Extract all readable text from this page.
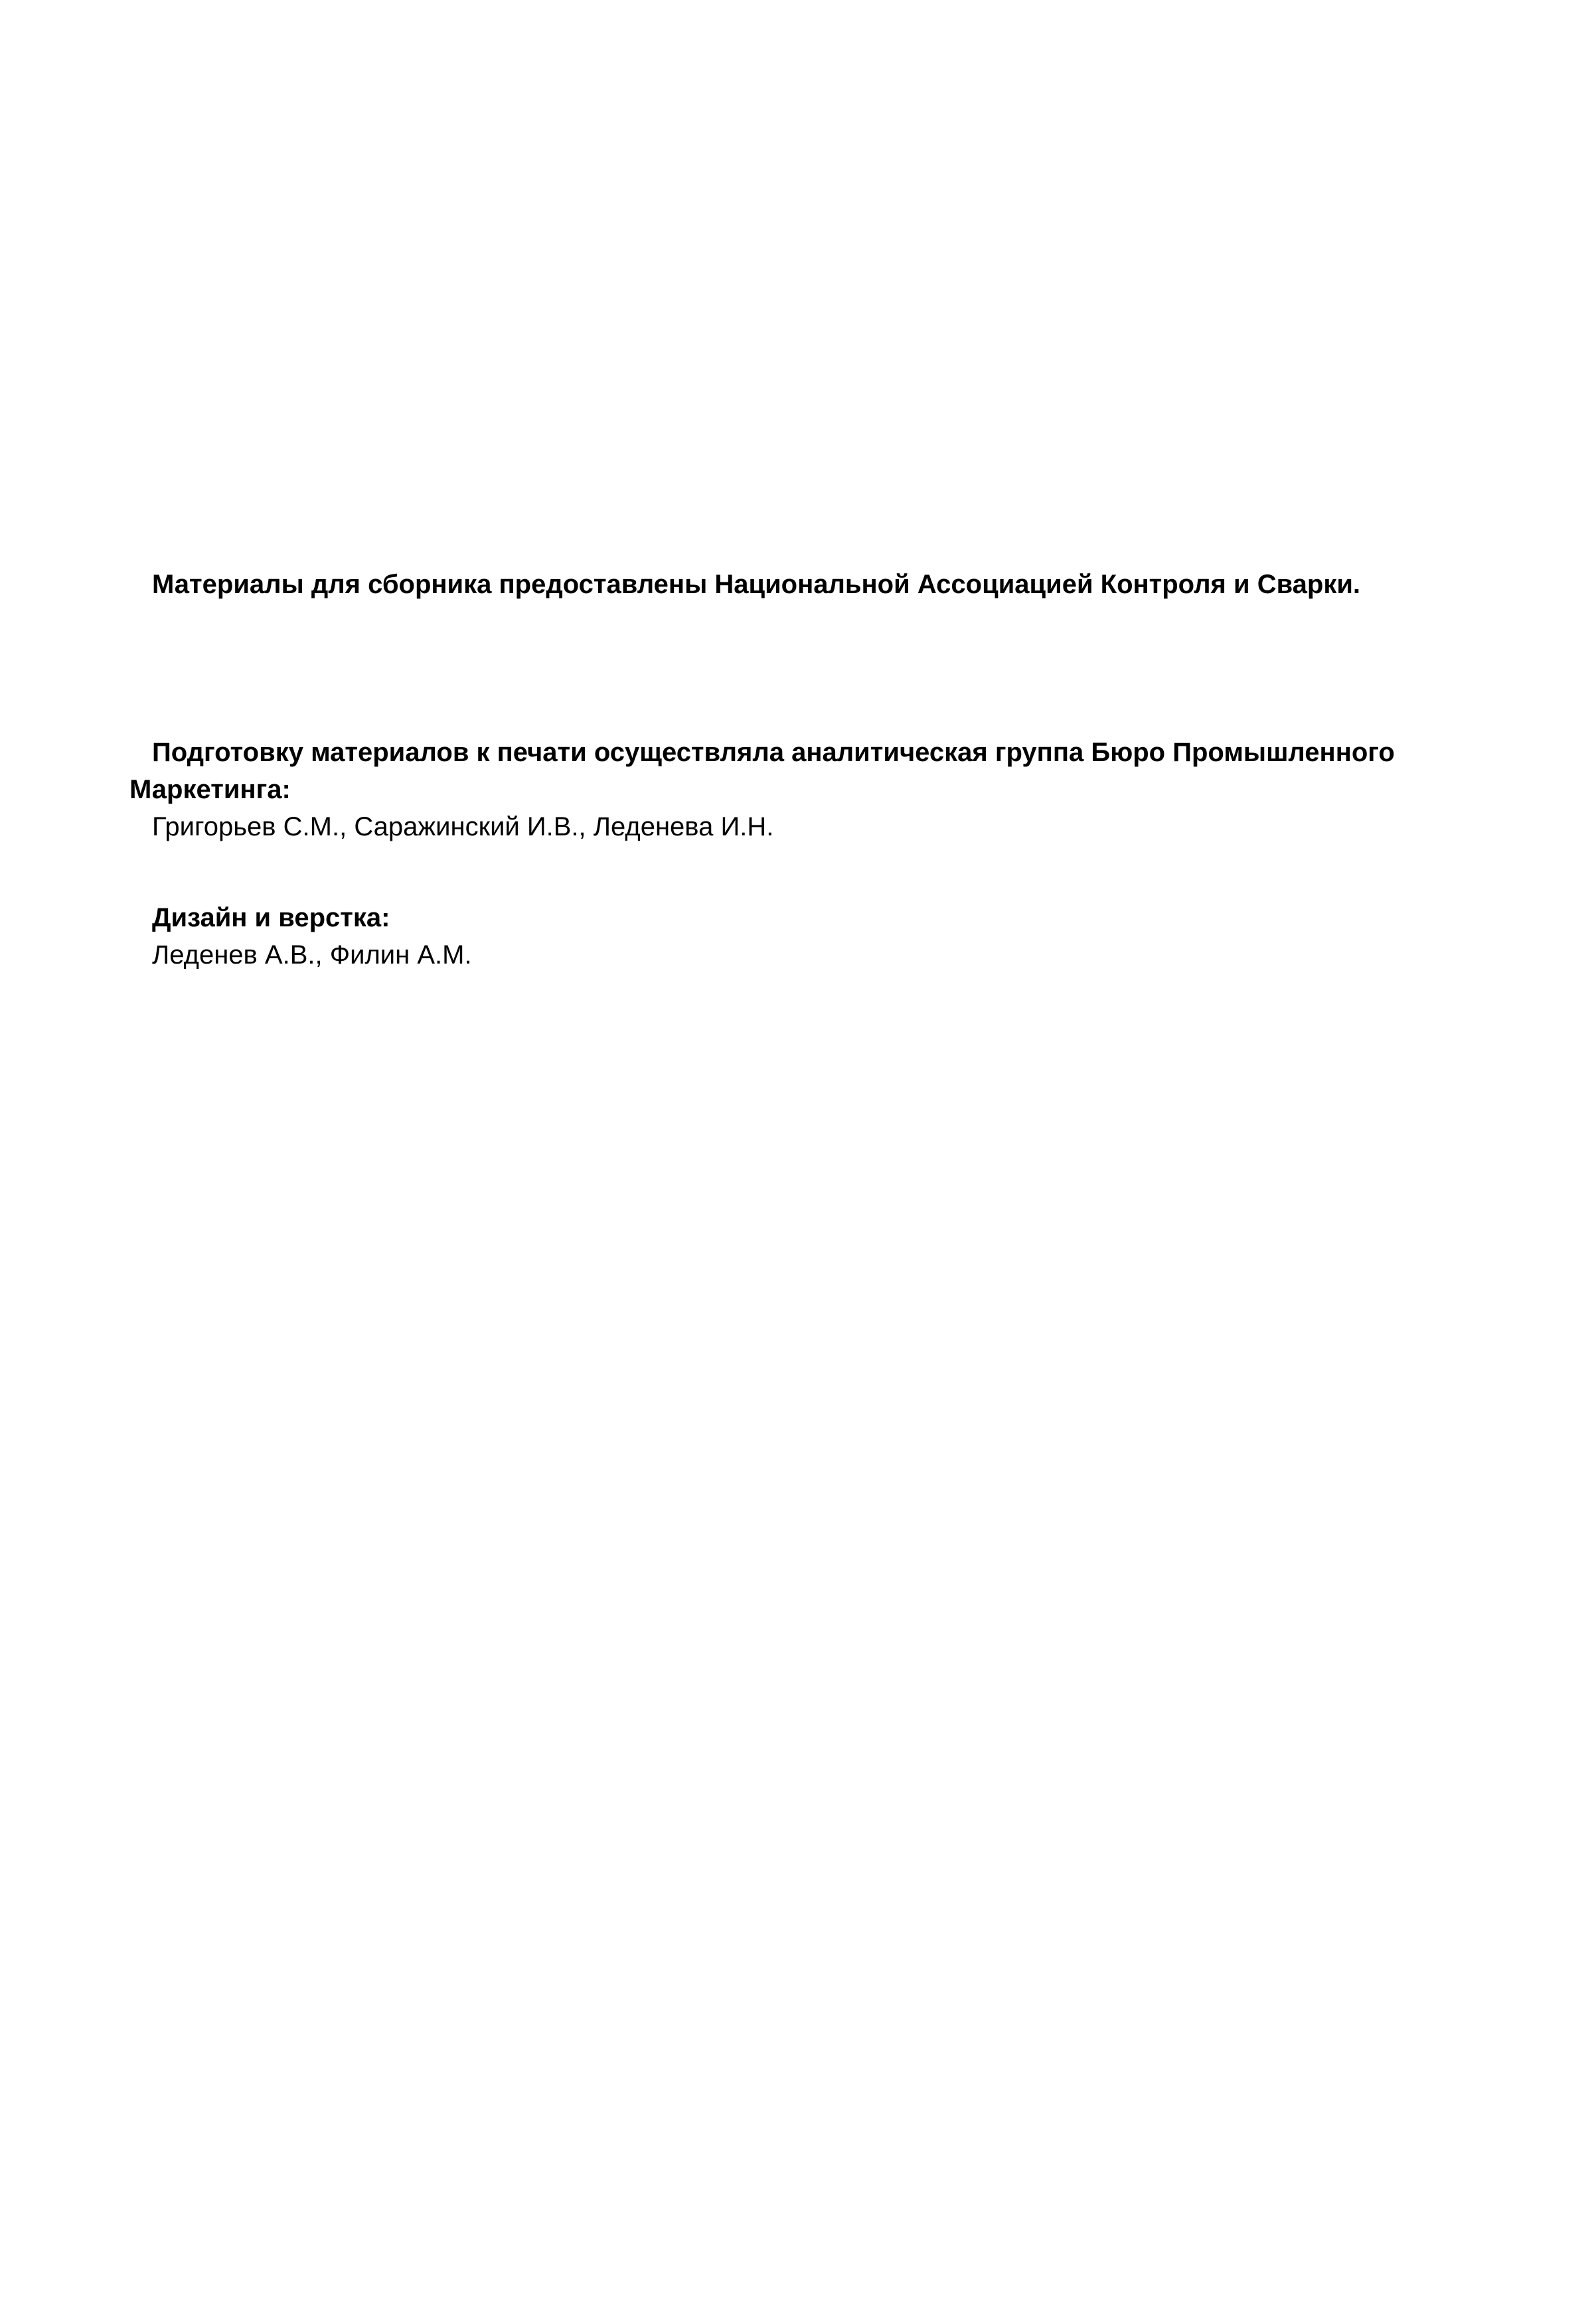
Материалы для сборника предоставлены Национальной Ассоциацией Контроля и Сварки.
Подготовку материалов к печати осуществляла аналитическая группа Бюро Промышленного Маркетинга:
Григорьев С.М., Саражинский И.В., Леденева И.Н.
Дизайн и верстка:
Леденев А.В., Филин А.М.
